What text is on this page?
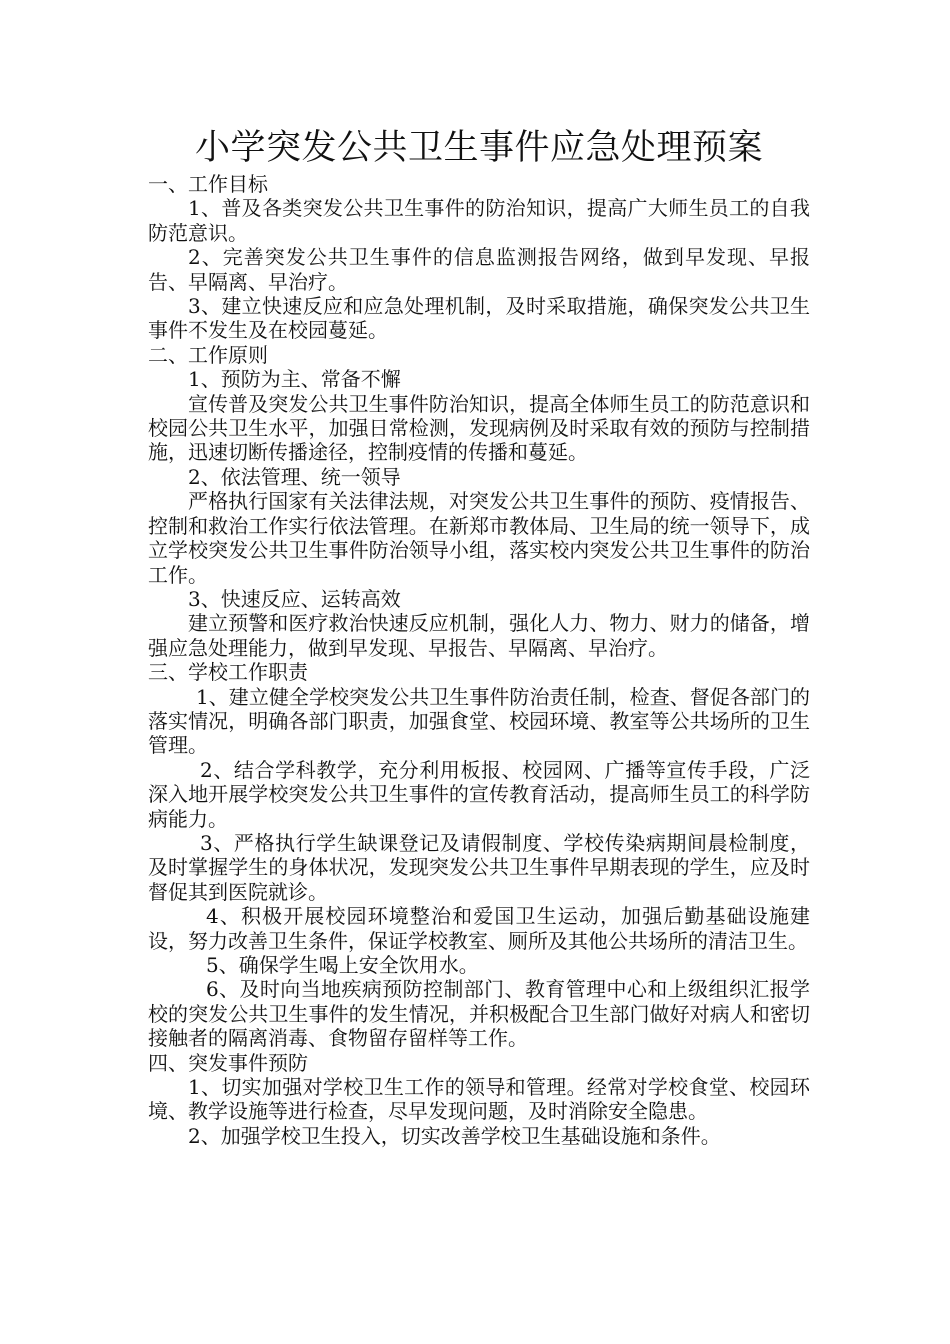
小学突发公共卫生事件应急处理预案

一、工作目标

1、普及各类突发公共卫生事件的防治知识，提高广大师生员工的自我防范意识。

2、完善突发公共卫生事件的信息监测报告网络，做到早发现、早报告、早隔离、早治疗。

3、建立快速反应和应急处理机制，及时采取措施，确保突发公共卫生事件不发生及在校园蔓延。

二、工作原则

1、预防为主、常备不懈

宣传普及突发公共卫生事件防治知识，提高全体师生员工的防范意识和校园公共卫生水平，加强日常检测，发现病例及时采取有效的预防与控制措施，迅速切断传播途径，控制疫情的传播和蔓延。

2、依法管理、统一领导

严格执行国家有关法律法规，对突发公共卫生事件的预防、疫情报告、控制和救治工作实行依法管理。在新郑市教体局、卫生局的统一领导下，成立学校突发公共卫生事件防治领导小组，落实校内突发公共卫生事件的防治工作。

3、快速反应、运转高效

建立预警和医疗救治快速反应机制，强化人力、物力、财力的储备，增强应急处理能力，做到早发现、早报告、早隔离、早治疗。

三、学校工作职责

1、建立健全学校突发公共卫生事件防治责任制，检查、督促各部门的落实情况，明确各部门职责，加强食堂、校园环境、教室等公共场所的卫生管理。

2、结合学科教学，充分利用板报、校园网、广播等宣传手段，广泛深入地开展学校突发公共卫生事件的宣传教育活动，提高师生员工的科学防病能力。

3、严格执行学生缺课登记及请假制度、学校传染病期间晨检制度，及时掌握学生的身体状况，发现突发公共卫生事件早期表现的学生，应及时督促其到医院就诊。

4、积极开展校园环境整治和爱国卫生运动，加强后勤基础设施建设，努力改善卫生条件，保证学校教室、厕所及其他公共场所的清洁卫生。

5、确保学生喝上安全饮用水。

6、及时向当地疾病预防控制部门、教育管理中心和上级组织汇报学校的突发公共卫生事件的发生情况，并积极配合卫生部门做好对病人和密切接触者的隔离消毒、食物留存留样等工作。

四、突发事件预防

1、切实加强对学校卫生工作的领导和管理。经常对学校食堂、校园环境、教学设施等进行检查，尽早发现问题，及时消除安全隐患。

2、加强学校卫生投入，切实改善学校卫生基础设施和条件。
